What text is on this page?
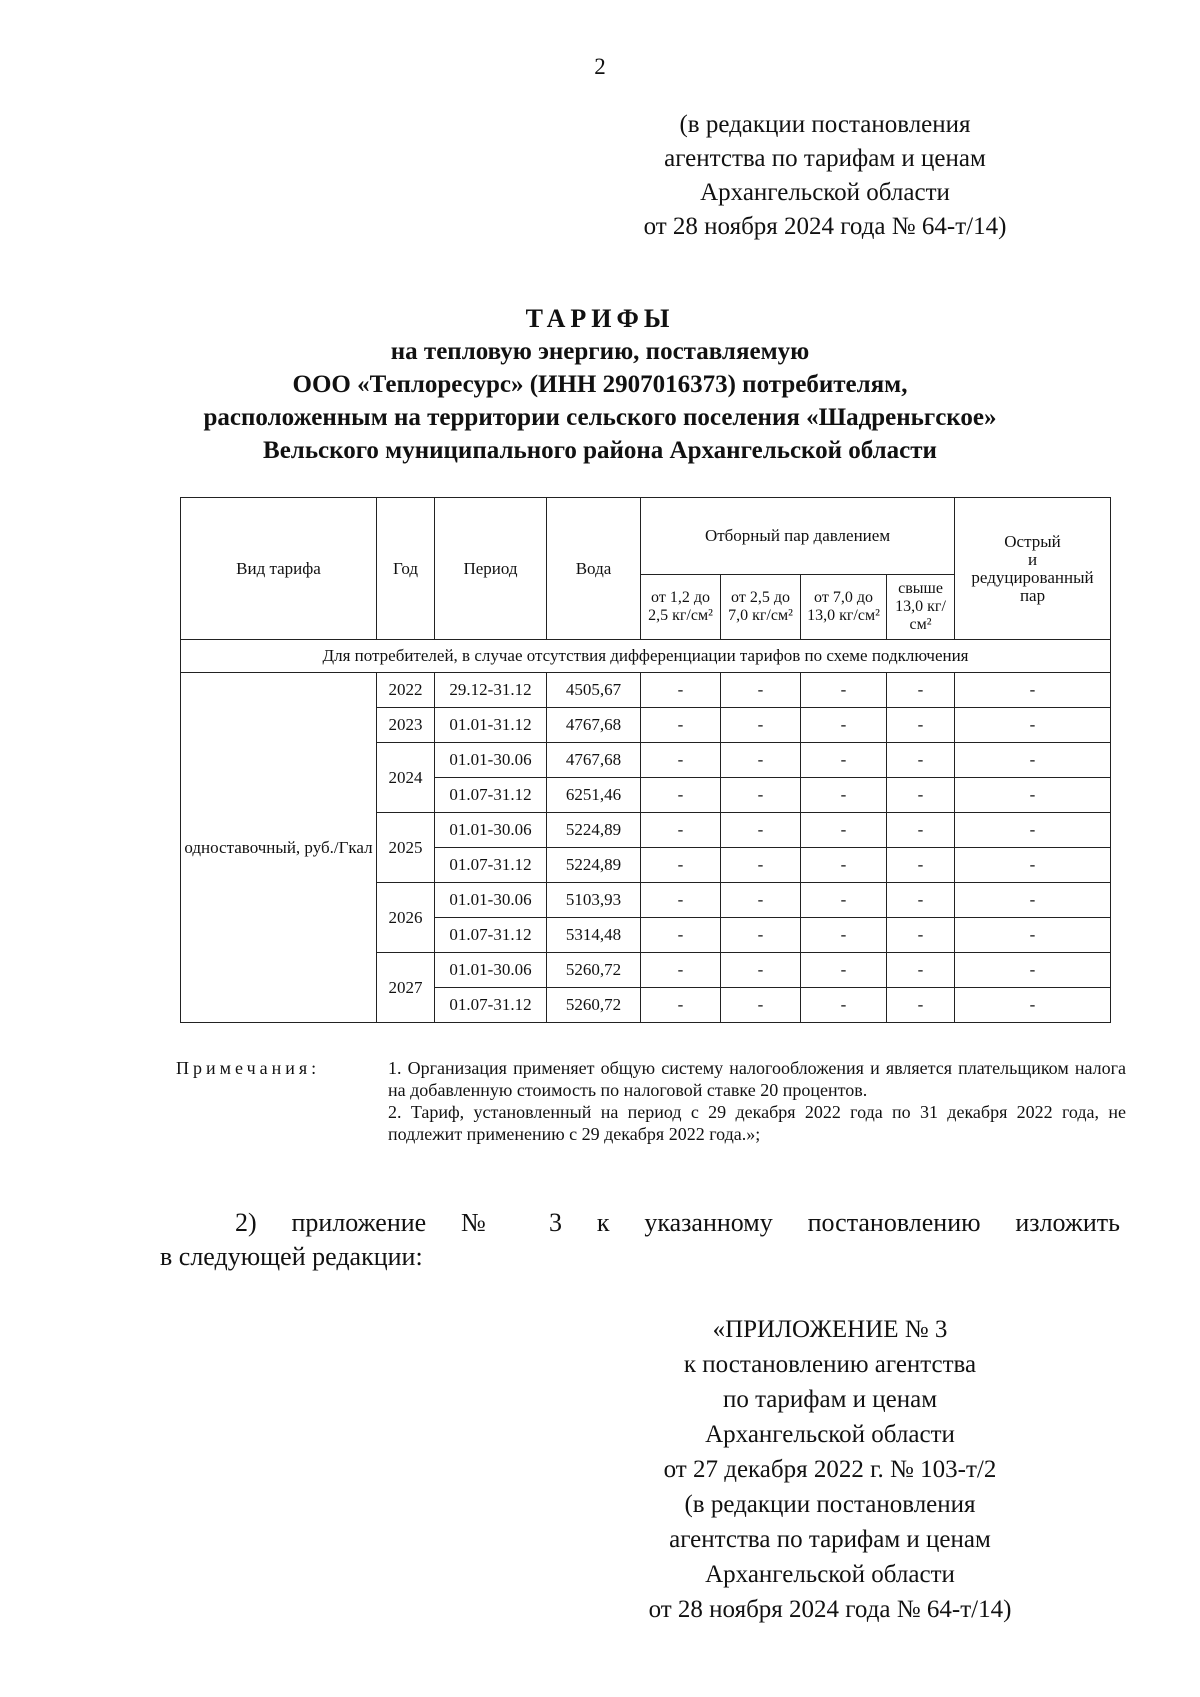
2
(в редакции постановления
агентства по тарифам и ценам
Архангельской области
от 28 ноября 2024 года № 64-т/14)
ТАРИФЫ
на тепловую энергию, поставляемую
ООО «Теплоресурс» (ИНН 2907016373) потребителям,
расположенным на территории сельского поселения «Шадреньгское»
Вельского муниципального района Архангельской области
Вид тарифа	Год	Период	Вода	Отборный пар давлением				Острый
и
редуцированный пар

				от 1,2 до 2,5 кг/см²	от 2,5 до 7,0 кг/см²	от 7,0 до 13,0 кг/см²	свыше 13,0 кг/см²	
Для потребителей, в случае отсутствия дифференциации тарифов по схеме подключения								
одноставочный, руб./Гкал	2022	29.12-31.12	4505,67	-	-	-	-	-
	2023	01.01-31.12	4767,68	-	-	-	-	-
	2024	01.01-30.06	4767,68	-	-	-	-	-
		01.07-31.12	6251,46	-	-	-	-	-
	2025	01.01-30.06	5224,89	-	-	-	-	-
		01.07-31.12	5224,89	-	-	-	-	-
	2026	01.01-30.06	5103,93	-	-	-	-	-
		01.07-31.12	5314,48	-	-	-	-	-
	2027	01.01-30.06	5260,72	-	-	-	-	-
		01.07-31.12	5260,72	-	-	-	-	-
Примечания:	1. Организация применяет общую систему налогообложения и является плательщиком налога на добавленную стоимость по налоговой ставке 20 процентов.

2. Тариф, установленный на период с 29 декабря 2022 года по 31 декабря 2022 года, не подлежит применению с 29 декабря 2022 года.»;

2) приложение № 3 к указанному постановлению изложить

в следующей редакции:

«ПРИЛОЖЕНИЕ № 3
к постановлению агентства
по тарифам и ценам
Архангельской области
от 27 декабря 2022 г. № 103-т/2
(в редакции постановления
агентства по тарифам и ценам
Архангельской области
от 28 ноября 2024 года № 64-т/14)
